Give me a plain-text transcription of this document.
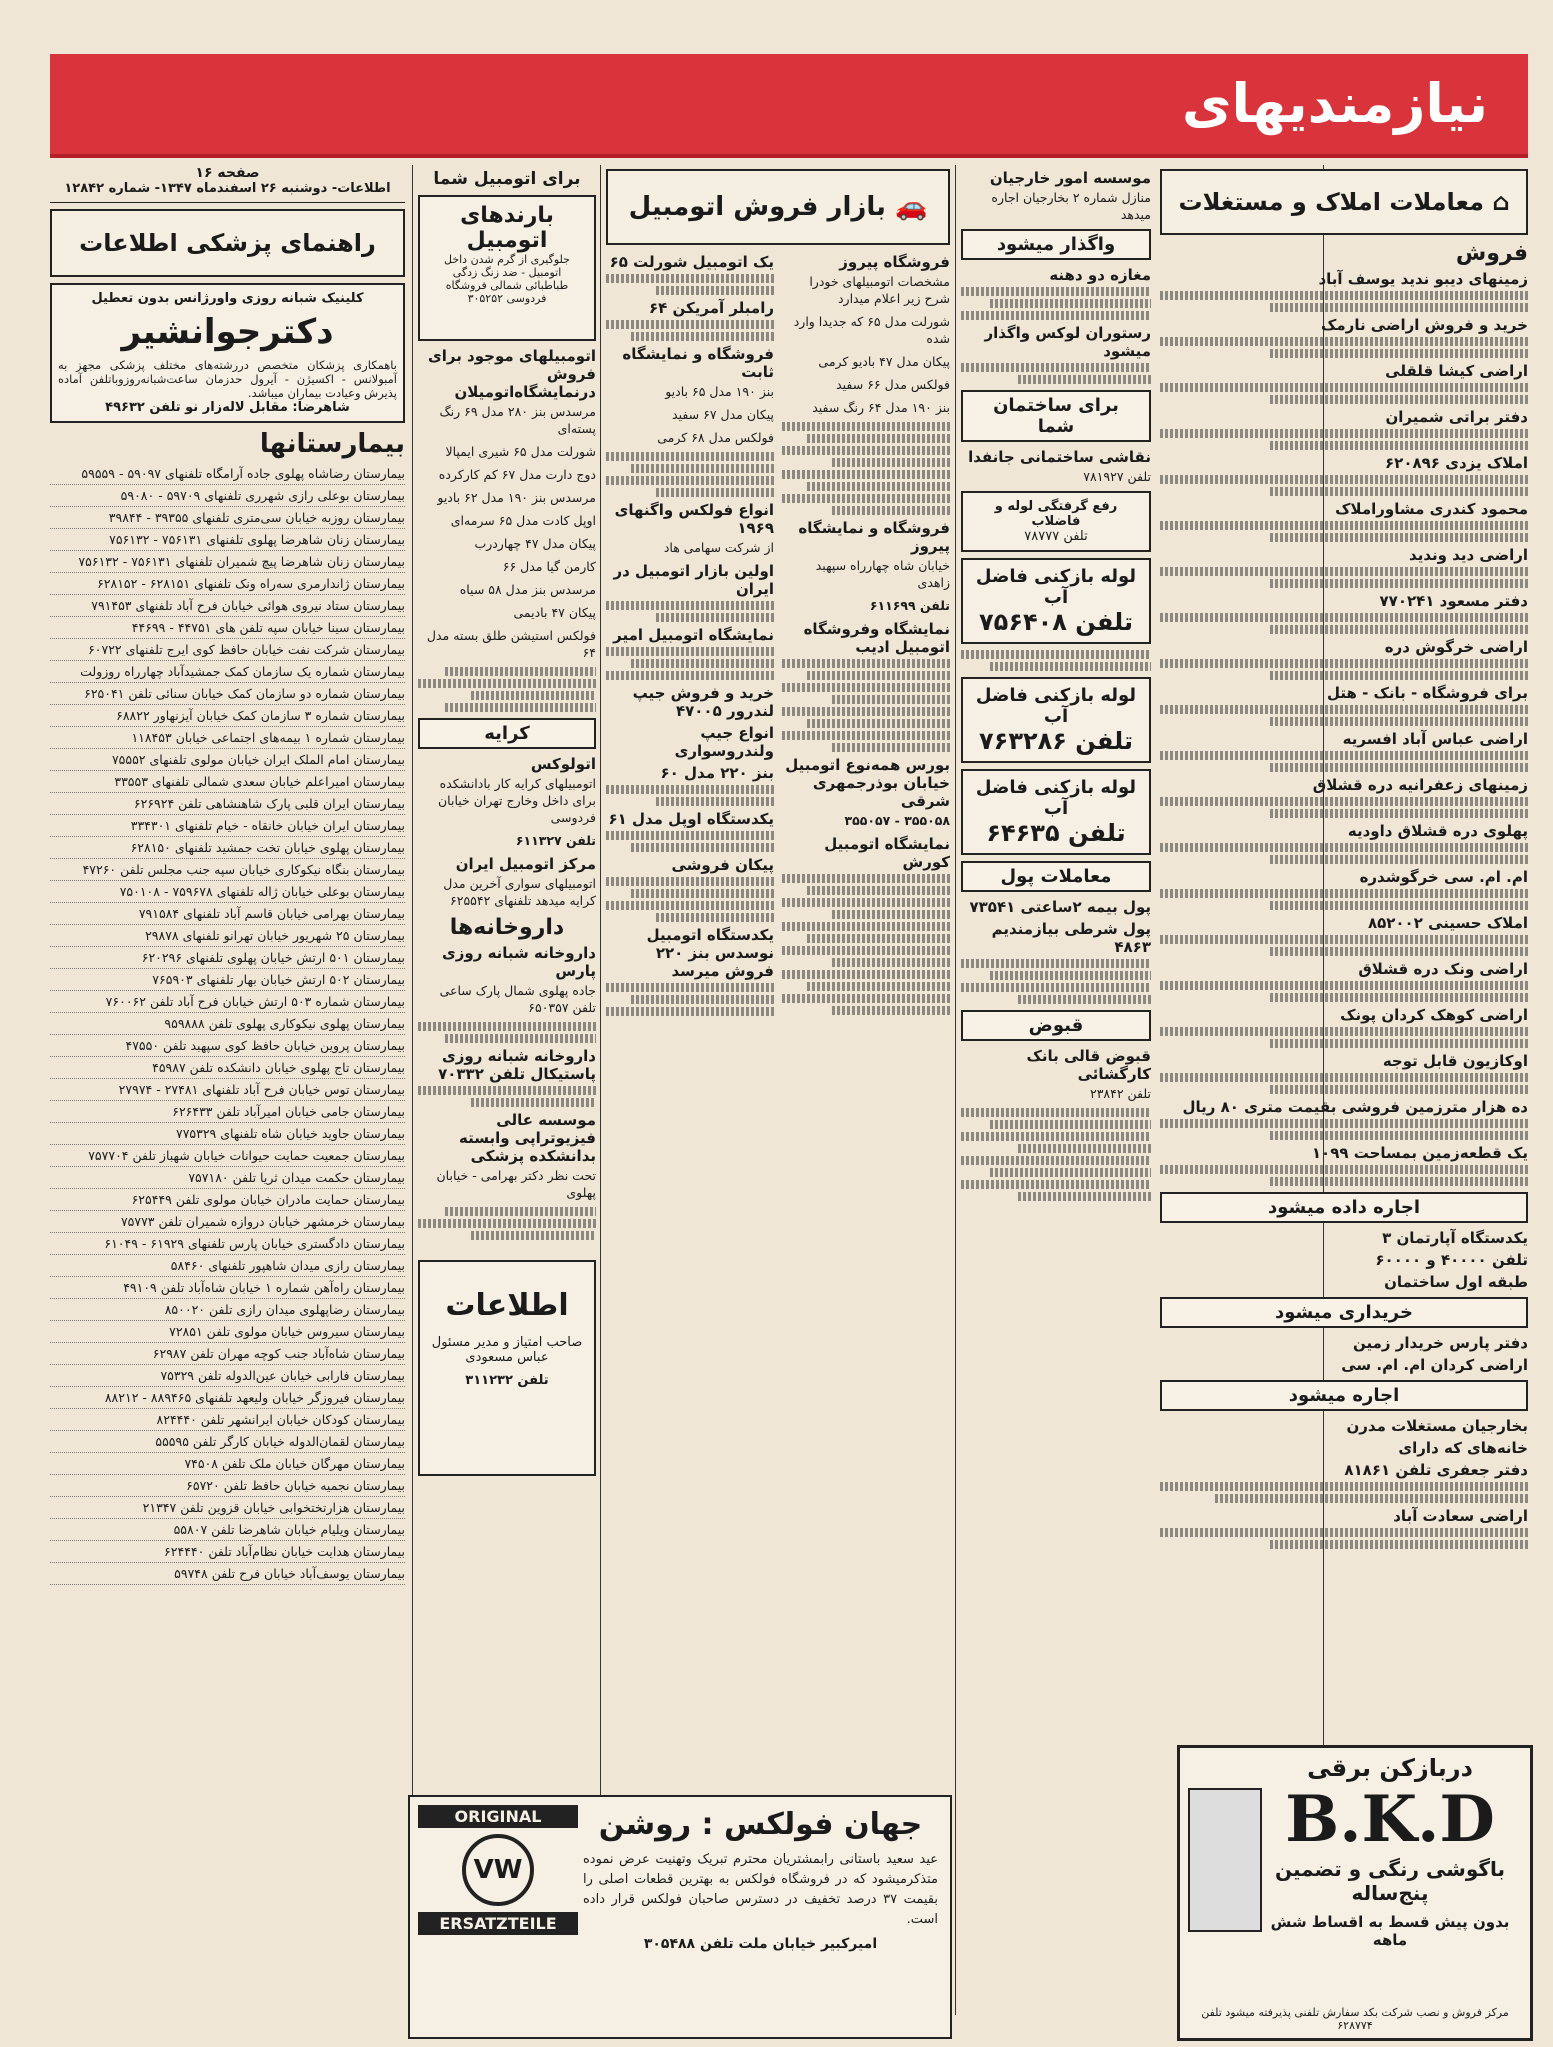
نیازمندیهای
صفحه ۱۶
اطلاعات- دوشنبه ۲۶ اسفندماه ۱۳۴۷- شماره ۱۲۸۴۲
راهنمای پزشکی اطلاعات
کلینیک شبانه روزی واورژانس بدون تعطیل
دکترجوانشیر
باهمکاری پزشکان متخصص دررشته‌های مختلف پزشکی مجهز به آمبولانس - اکسیژن - آیرول حدزمان ساعت‌شبانه‌روزوبا‌تلفن آماده پذیرش وعیادت بیماران میباشد.
شاهرضا: مقابل لاله‌زار نو تلفن ۴۹۶۳۲
بیمارستانها
بیمارستان رضاشاه پهلوی جاده آرامگاه تلفنهای ۵۹۰۹۷ - ۵۹۵۵۹
بیمارستان بوعلی رازی شهرری تلفنهای ۵۹۷۰۹ - ۵۹۰۸۰
بیمارستان روزبه خیابان سی‌متری تلفنهای ۳۹۳۵۵ - ۳۹۸۴۴
بیمارستان زنان شاهرضا پهلوی تلفنهای ۷۵۶۱۳۱ - ۷۵۶۱۳۲
بیمارستان زنان شاهرضا پیچ شمیران تلفنهای ۷۵۶۱۳۱ - ۷۵۶۱۳۲
بیمارستان ژاندارمری سه‌راه ونک تلفنهای ۶۲۸۱۵۱ - ۶۲۸۱۵۲
بیمارستان ستاد نیروی هوائی خیابان فرح آباد تلفنهای ۷۹۱۴۵۳
بیمارستان سینا خیابان سپه تلفن های ۴۴۷۵۱ - ۴۴۶۹۹
بیمارستان شرکت نفت خیابان حافظ کوی ایرج تلفنهای ۶۰۷۲۲
بیمارستان شماره یک سازمان کمک جمشیدآباد چهارراه روزولت
بیمارستان شماره دو سازمان کمک خیابان سنائی تلفن ۶۲۵۰۴۱
بیمارستان شماره ۳ سازمان کمک خیابان آیزنهاور ۶۸۸۲۲
بیمارستان شماره ۱ بیمه‌های اجتماعی خیابان ۱۱۸۴۵۳
بیمارستان امام الملک ایران خیابان مولوی تلفنهای ۷۵۵۵۲
بیمارستان امیراعلم خیابان سعدی شمالی تلفنهای ۳۳۵۵۳
بیمارستان ایران قلبی پارک شاهنشاهی تلفن ۶۲۶۹۲۴
بیمارستان ایران خیابان خانقاه - خیام تلفنهای ۳۳۴۳۰۱
بیمارستان پهلوی خیابان تخت جمشید تلفنهای ۶۲۸۱۵۰
بیمارستان بنگاه نیکوکاری خیابان سپه جنب مجلس تلفن ۴۷۲۶۰
بیمارستان بوعلی خیابان ژاله تلفنهای ۷۵۹۶۷۸ - ۷۵۰۱۰۸
بیمارستان بهرامی خیابان قاسم آباد تلفنهای ۷۹۱۵۸۴
بیمارستان ۲۵ شهریور خیابان تهرانو تلفنهای ۲۹۸۷۸
بیمارستان ۵۰۱ ارتش خیابان پهلوی تلفنهای ۶۲۰۲۹۶
بیمارستان ۵۰۲ ارتش خیابان بهار تلفنهای ۷۶۵۹۰۳
بیمارستان شماره ۵۰۳ ارتش خیابان فرح آباد تلفن ۷۶۰۰۶۲
بیمارستان پهلوی نیکوکاری پهلوی تلفن ۹۵۹۸۸۸
بیمارستان پروین خیابان حافظ کوی سپهبد تلفن ۴۷۵۵۰
بیمارستان تاج پهلوی خیابان دانشکده تلفن ۴۵۹۸۷
بیمارستان توس خیابان فرح آباد تلفنهای ۲۷۴۸۱ - ۲۷۹۷۴
بیمارستان جامی خیابان امیرآباد تلفن ۶۲۶۴۳۳
بیمارستان جاوید خیابان شاه تلفنهای ۷۷۵۳۲۹
بیمارستان جمعیت حمایت حیوانات خیابان شهباز تلفن ۷۵۷۷۰۴
بیمارستان حکمت میدان ثریا تلفن ۷۵۷۱۸۰
بیمارستان حمایت مادران خیابان مولوی تلفن ۶۲۵۴۴۹
بیمارستان خرمشهر خیابان دروازه شمیران تلفن ۷۵۷۷۳
بیمارستان دادگستری خیابان پارس تلفنهای ۶۱۹۲۹ - ۶۱۰۴۹
بیمارستان رازی میدان شاهپور تلفنهای ۵۸۴۶۰
بیمارستان راه‌آهن شماره ۱ خیابان شاه‌آباد تلفن ۴۹۱۰۹
بیمارستان رضاپهلوی میدان رازی تلفن ۸۵۰۰۲۰
بیمارستان سیروس خیابان مولوی تلفن ۷۲۸۵۱
بیمارستان شاه‌آباد جنب کوچه مهران تلفن ۶۲۹۸۷
بیمارستان فارابی خیابان عین‌الدوله تلفن ۷۵۳۲۹
بیمارستان فیروزگر خیابان ولیعهد تلفنهای ۸۸۹۴۶۵ - ۸۸۲۱۲
بیمارستان کودکان خیابان ایرانشهر تلفن ۸۲۴۴۴۰
بیمارستان لقمان‌الدوله خیابان کارگر تلفن ۵۵۵۹۵
بیمارستان مهرگان خیابان ملک تلفن ۷۴۵۰۸
بیمارستان نجمیه خیابان حافظ تلفن ۶۵۷۲۰
بیمارستان هزارتختخوابی خیابان قزوین تلفن ۲۱۳۴۷
بیمارستان ویلیام خیابان شاهرضا تلفن ۵۵۸۰۷
بیمارستان هدایت خیابان نظام‌آباد تلفن ۶۲۴۴۴۰
بیمارستان یوسف‌آباد خیابان فرح تلفن ۵۹۷۴۸
برای اتومبیل شما
بارندهای اتومبیل
جلوگیری از گرم شدن داخل اتومبیل - ضد زنگ زدگی
طباطبائی شمالی فروشگاه فردوسی ۳۰۵۲۵۲
اتومبیلهای موجود برای فروش درنمایشگاه‌اتومیلان
مرسدس بنز ۲۸۰ مدل ۶۹ رنگ پسته‌ای
شورلت مدل ۶۵ شیری ایمپالا
دوج دارت مدل ۶۷ کم کارکرده
مرسدس بنز ۱۹۰ مدل ۶۲ بادیو
اوپل کادت مدل ۶۵ سرمه‌ای
پیکان مدل ۴۷ چهاردرب
کارمن گیا مدل ۶۶
مرسدس بنز مدل ۵۸ سیاه
پیکان ۴۷ بادیمی
فولکس استیشن طلق بسته مدل ۶۴
کرایه
اتولوکس
اتومبیلهای کرایه کار بادانشکده برای داخل وخارج تهران خیابان فردوسی
تلفن ۶۱۱۳۲۷
مرکز اتومبیل ایران
اتومبیلهای سواری آخرین مدل کرایه میدهد تلفنهای ۶۲۵۵۴۲
داروخانه‌ها
داروخانه شبانه روزی پارس
جاده پهلوی شمال پارک ساعی تلفن ۶۵۰۳۵۷
داروخانه شبانه روزی پاستیکال تلفن ۷۰۳۳۲
موسسه عالی فیزیوتراپی وابسته بدانشکده پزشکی
تحت نظر دکتر بهرامی - خیابان پهلوی
اطلاعات
صاحب امتیاز و مدیر مسئول عباس مسعودی
تلفن ۳۱۱۲۳۲
🚗 بازار فروش اتومبیل
فروشگاه پیروز
مشخصات اتومبیلهای خودرا شرح زیر اعلام میدارد
شورلت مدل ۶۵ که جدیدا وارد شده
پیکان مدل ۴۷ بادیو کرمی
فولکس مدل ۶۶ سفید
بنز ۱۹۰ مدل ۶۴ رنگ سفید
فروشگاه و نمایشگاه پیروز
خیابان شاه چهارراه سپهبد زاهدی
تلفن ۶۱۱۶۹۹
نمایشگاه وفروشگاه اتومبیل ادیب
بورس همه‌نوع اتومبیل خیابان بوذرجمهری شرقی
۳۵۵۰۵۸ - ۳۵۵۰۵۷
نمایشگاه اتومبیل کورش
یک اتومبیل شورلت ۶۵
رامبلر آمریکن ۶۴
فروشگاه و نمایشگاه ثابت
بنز ۱۹۰ مدل ۶۵ بادیو
پیکان مدل ۶۷ سفید
فولکس مدل ۶۸ کرمی
انواع فولکس واگنهای ۱۹۶۹
از شرکت سهامی هاد
اولین بازار اتومبیل در ایران
نمایشگاه اتومبیل امیر
خرید و فروش جیپ لندرور ۴۷۰۰۵
انواع جیپ ولندروسواری
بنز ۲۲۰ مدل ۶۰
یکدستگاه اوپل مدل ۶۱
پیکان فروشی
یکدستگاه اتومبیل نوسدس بنز ۲۲۰ فروش میرسد
موسسه امور خارجیان
منازل شماره ۲ بخارجیان اجاره میدهد
واگذار میشود
مغازه دو دهنه
رستوران لوکس واگذار میشود
برای ساختمان شما
نقاشی ساختمانی جانفدا
تلفن ۷۸۱۹۲۷
رفع گرفتگی لوله و فاضلاب
تلفن ۷۸۷۷۷
لوله بازکنی فاضل آب
تلفن ۷۵۶۴۰۸
لوله بازکنی فاضل آب
تلفن ۷۶۳۲۸۶
لوله بازکنی فاضل آب
تلفن ۶۴۶۳۵
معاملات پول
پول بیمه ۲ساعتی ۷۳۵۴۱
پول شرطی بیازمندیم ۴۸۶۳
قبوض
قبوض قالی بانک کارگشائی
تلفن ۲۳۸۴۲
⌂ معاملات املاک و مستغلات
فروش
زمینهای دیبو ندید یوسف آباد
خرید و فروش اراضی نارمک
اراضی کیشا قلقلی
دفتر براتی شمیران
املاک یزدی ۶۲۰۸۹۶
محمود کندری مشاوراملاک
اراضی دید وندید
دفتر مسعود ۷۷۰۲۴۱
اراضی خرگوش دره
برای فروشگاه - بانک - هتل
اراضی عباس آباد افسریه
زمینهای زعفرانیه دره قشلاق
پهلوی دره قشلاق داودیه
ام. ام. سی خرگوشدره
املاک حسینی ۸۵۲۰۰۲
اراضی ونک دره قشلاق
اراضی کوهک کردان پونک
اوکازیون قابل توجه
ده هزار مترزمین فروشی بقیمت متری ۸۰ ریال
یک قطعه‌زمین بمساحت ۱۰۹۹
اجاره داده میشود
یکدستگاه آپارتمان ۳
تلفن ۴۰۰۰۰ و ۶۰۰۰۰
طبقه اول ساختمان
خریداری میشود
دفتر پارس خریدار زمین
اراضی کردان ام. ام. سی
اجاره میشود
بخارجیان مستغلات مدرن
خانه‌های که دارای
دفتر جعفری تلفن ۸۱۸۶۱
اراضی سعادت آباد
ORIGINAL
VW
ERSATZTEILE
جهان فولکس : روشن
عید سعید باستانی رابمشتریان محترم تبریک وتهنیت عرض نموده متذکرمیشود که در فروشگاه فولکس به بهترین قطعات اصلی را بقیمت ۳۷ درصد تخفیف در دسترس صاحبان فولکس قرار داده است.
امیرکبیر خیابان ملت تلفن ۳۰۵۴۸۸
دربازکن برقی
B.K.D
باگوشی رنگی و تضمین پنج‌ساله
بدون پیش قسط به اقساط شش ماهه
مرکز فروش و نصب شرکت بکد سفارش تلفنی پذیرفته میشود تلفن ۶۲۸۷۷۴
